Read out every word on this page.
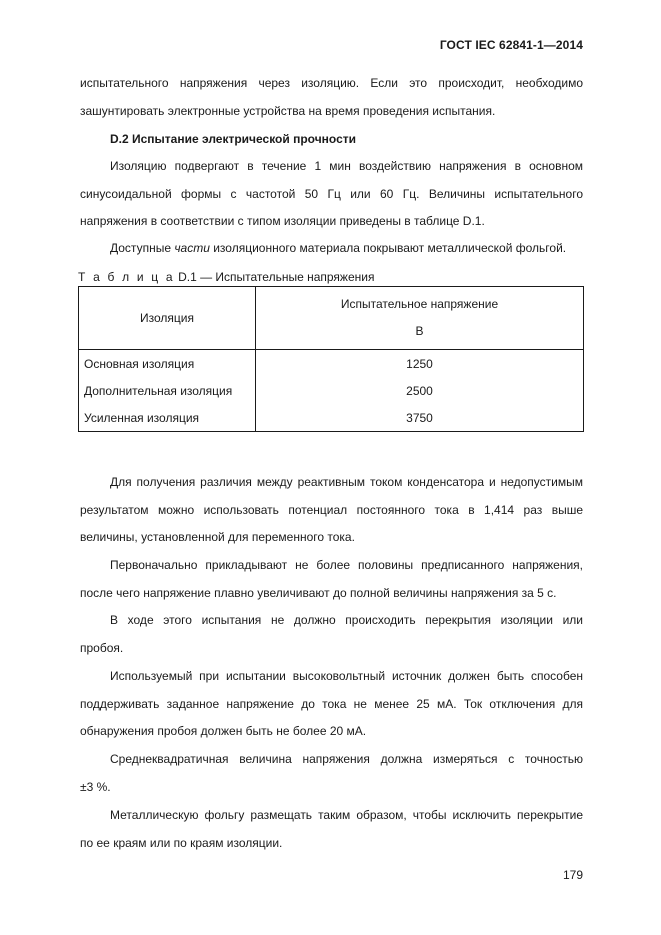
ГОСТ IEC 62841-1—2014
испытательного напряжения через изоляцию. Если это происходит, необходимо
зашунтировать электронные устройства на время проведения испытания.
D.2 Испытание электрической прочности
Изоляцию подвергают в течение 1 мин воздействию напряжения в основном
синусоидальной формы с частотой 50 Гц или 60 Гц. Величины испытательного
напряжения в соответствии с типом изоляции приведены в таблице D.1.
Доступные части изоляционного материала покрывают металлической фольгой.
Т а б л и ц а D.1 — Испытательные напряжения
Изоляция	Испытательное напряжение
В

Основная изоляция	1250
Дополнительная изоляция	2500
Усиленная изоляция	3750
Для получения различия между реактивным током конденсатора и недопустимым
результатом можно использовать потенциал постоянного тока в 1,414 раз выше
величины, установленной для переменного тока.
Первоначально прикладывают не более половины предписанного напряжения,
после чего напряжение плавно увеличивают до полной величины напряжения за 5 с.
В ходе этого испытания не должно происходить перекрытия изоляции или
пробоя.
Используемый при испытании высоковольтный источник должен быть способен
поддерживать заданное напряжение до тока не менее 25 мА. Ток отключения для
обнаружения пробоя должен быть не более 20 мА.
Среднеквадратичная величина напряжения должна измеряться с точностью
±3 %.
Металлическую фольгу размещать таким образом, чтобы исключить перекрытие
по ее краям или по краям изоляции.
179
